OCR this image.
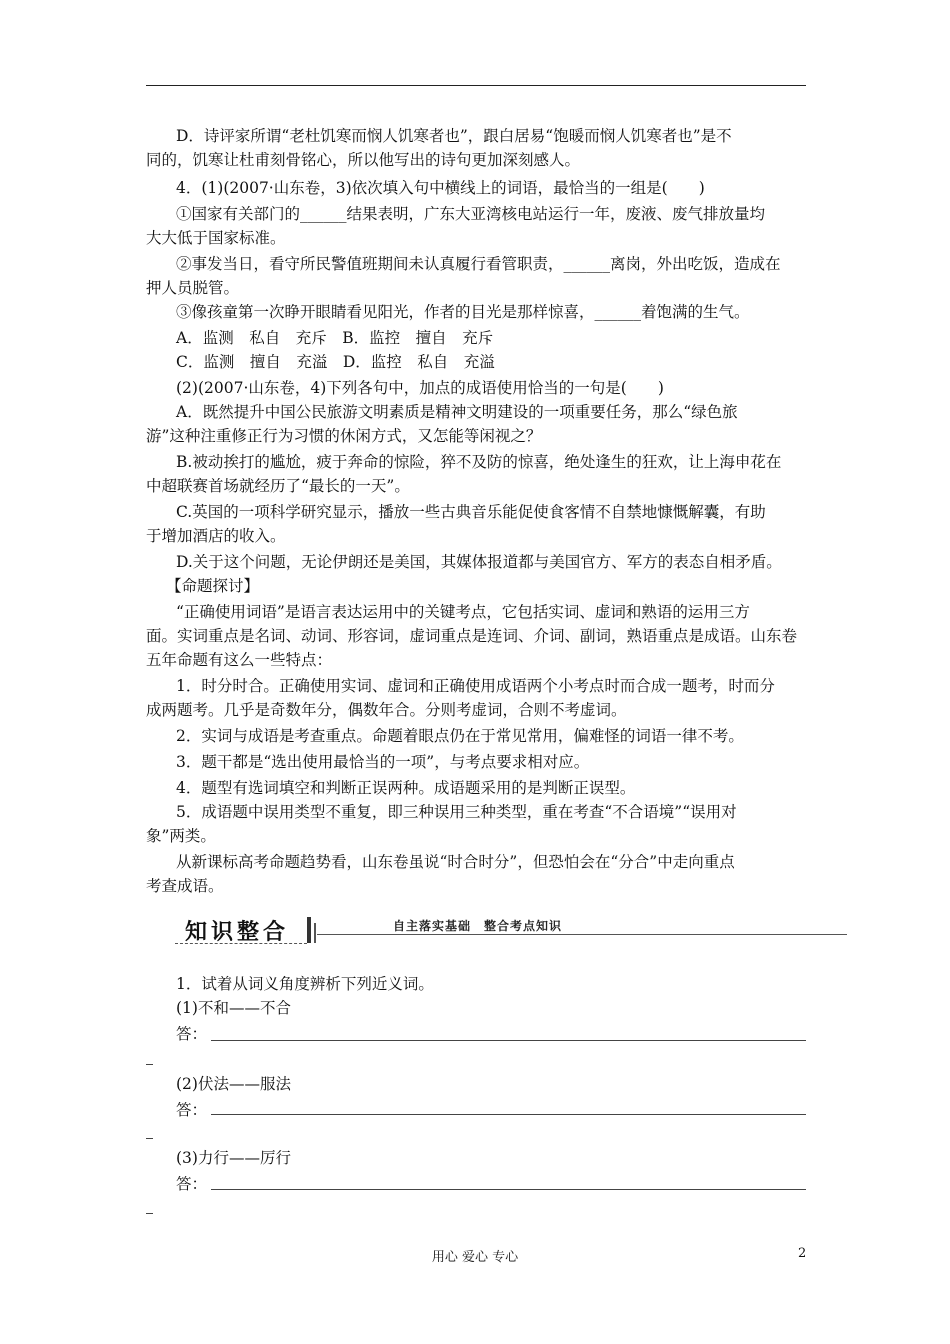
D．诗评家所谓“老杜饥寒而悯人饥寒者也”，跟白居易“饱暖而悯人饥寒者也”是不

同的，饥寒让杜甫刻骨铭心，所以他写出的诗句更加深刻感人。

4．(1)(2007·山东卷，3)依次填入句中横线上的词语，最恰当的一组是(　　)

①国家有关部门的______结果表明，广东大亚湾核电站运行一年，废液、废气排放量均

大大低于国家标准。

②事发当日，看守所民警值班期间未认真履行看管职责，______离岗，外出吃饭，造成在

押人员脱管。

③像孩童第一次睁开眼睛看见阳光，作者的目光是那样惊喜，______着饱满的生气。

A．监测　私自　充斥　B．监控　擅自　充斥

C．监测　擅自　充溢　D．监控　私自　充溢

(2)(2007·山东卷，4)下列各句中，加点的成语使用恰当的一句是(　　)

A．既然提升中国公民旅游文明素质是精神文明建设的一项重要任务，那么“绿色旅

游”这种注重修正行为习惯的休闲方式，又怎能等闲视之？

B.被动挨打的尴尬，疲于奔命的惊险，猝不及防的惊喜，绝处逢生的狂欢，让上海申花在

中超联赛首场就经历了“最长的一天”。

C.英国的一项科学研究显示，播放一些古典音乐能促使食客情不自禁地慷慨解囊，有助

于增加酒店的收入。

D.关于这个问题，无论伊朗还是美国，其媒体报道都与美国官方、军方的表态自相矛盾。

【命题探讨】

“正确使用词语”是语言表达运用中的关键考点，它包括实词、虚词和熟语的运用三方

面。实词重点是名词、动词、形容词，虚词重点是连词、介词、副词，熟语重点是成语。山东卷

五年命题有这么一些特点：

1．时分时合。正确使用实词、虚词和正确使用成语两个小考点时而合成一题考，时而分

成两题考。几乎是奇数年分，偶数年合。分则考虚词，合则不考虚词。

2．实词与成语是考查重点。命题着眼点仍在于常见常用，偏难怪的词语一律不考。

3．题干都是“选出使用最恰当的一项”，与考点要求相对应。

4．题型有选词填空和判断正误两种。成语题采用的是判断正误型。

5．成语题中误用类型不重复，即三种误用三种类型，重在考查“不合语境”“误用对

象”两类。

从新课标高考命题趋势看，山东卷虽说“时合时分”，但恐怕会在“分合”中走向重点

考查成语。

知识整合	自主落实基础　整合考点知识

1．试着从词义角度辨析下列近义词。

(1)不和——不合

答：

(2)伏法——服法

答：

(3)力行——厉行

答：

用心 爱心 专心	2
